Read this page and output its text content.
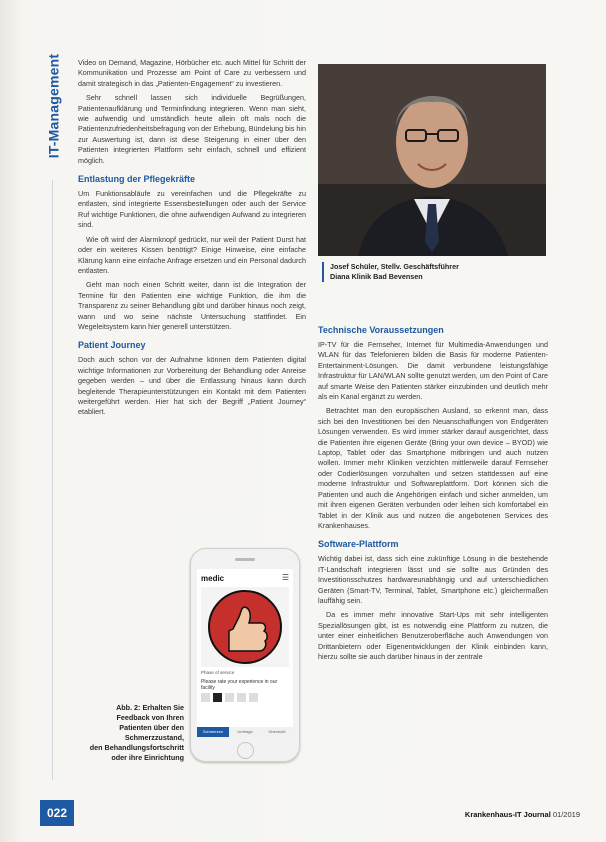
IT-Management Video on Demand, Magazine, Hörbücher etc. auch Mittel für Schritt der Kommunikation und Prozesse am Point of Care zu verbessern und damit strategisch in das „Patienten-Engagement“ zu investieren.

Sehr schnell lassen sich individuelle Begrüßungen, Patientenaufklärung und Terminfindung integrieren. Wenn man sieht, wie aufwendig und umständlich heute allein oft mals noch die Patientenzufriedenheitsbefragung von der Erhebung, Bündelung bis hin zur Auswertung ist, dann ist diese Steigerung in einer über den Patienten integrierten Plattform sehr einfach, schnell und effizient möglich.

Entlastung der Pflegekräfte

Um Funktionsabläufe zu vereinfachen und die Pflegekräfte zu entlasten, sind integrierte Essensbestellungen oder auch der Service Ruf wichtige Funktionen, die ohne aufwendigen Aufwand zu integrieren sind.

Wie oft wird der Alarmknopf gedrückt, nur weil der Patient Durst hat oder ein weiteres Kissen benötigt? Einige Hinweise, eine einfache Klärung kann eine einfache Anfrage ersetzen und ein Personal dadurch entlasten.

Geht man noch einen Schritt weiter, dann ist die Integration der Termine für den Patienten eine wichtige Funktion, die ihm die Transparenz zu seiner Behandlung gibt und darüber hinaus noch zeigt, wann und wo seine nächste Untersuchung stattfindet. Ein Wegeleitsystem kann hier generell unterstützen.

Patient Journey

Doch auch schon vor der Aufnahme können dem Patienten digital wichtige Informationen zur Vorbereitung der Behandlung oder Anreise gegeben werden – und über die Entlassung hinaus kann durch begleitende Therapieunterstützungen ein Kontakt mit dem Patienten weitergeführt werden. Hier hat sich der Begriff „Patient Journey“ etabliert.

Josef Schüler, Stellv. Geschäftsführer
Diana Klinik Bad Bevensen
Technische Voraussetzungen

IP-TV für die Fernseher, Internet für Multimedia-Anwendungen und WLAN für das Telefonieren bilden die Basis für moderne Patienten-Entertainment-Lösungen. Die damit verbundene leistungsfähige Infrastruktur für LAN/WLAN sollte genutzt werden, um den Point of Care auf smarte Weise den Patienten stärker einzubinden und deutlich mehr als ein Kanal ergänzt zu werden.

Betrachtet man den europäischen Ausland, so erkennt man, dass sich bei den Investitionen bei den Neuanschaffungen von Endgeräten Lösungen verwenden. Es wird immer stärker darauf ausgerichtet, dass die Patienten ihre eigenen Geräte (Bring your own device – BYOD) wie Laptop, Tablet oder das Smartphone mitbringen und auch nutzen wollen. Immer mehr Kliniken verzichten mittlerweile darauf Fernseher oder Codierlösungen vorzuhalten und setzen stattdessen auf eine moderne Infrastruktur und Softwareplattform. Dort können sich die Patienten und auch die Angehörigen einfach und sicher anmelden, um mit ihren eigenen Geräten verbunden oder leihen sich komfortabel ein Tablet in der Klinik aus und nutzen die angebotenen Services des Krankenhauses.

Software-Plattform

Wichtig dabei ist, dass sich eine zukünftige Lösung in die bestehende IT-Landschaft integrieren lässt und sie sollte aus Gründen des Investitionsschutzes hardwareunabhängig und auf unterschiedlichen Geräten (Smart-TV, Terminal, Tablet, Smartphone etc.) gleichermaßen lauffähig sein.

Da es immer mehr innovative Start-Ups mit sehr intelligenten Speziallösungen gibt, ist es notwendig eine Plattform zu nutzen, die unter einer einheitlichen Benutzeroberfläche auch Anwendungen von Drittanbietern oder Eigenentwicklungen der Klinik einbinden kann, hierzu sollte sie auch darüber hinaus in der zentrale

medic	☰
Phase of service
Please rate your experience in our facility
Schmerzen	Umfrage	Übersicht
Abb. 2: Erhalten Sie
Feedback von Ihren
Patienten über den
Schmerzzustand,
den Behandlungsfortschritt
oder ihre Einrichtung
022	Krankenhaus-IT Journal 01/2019
